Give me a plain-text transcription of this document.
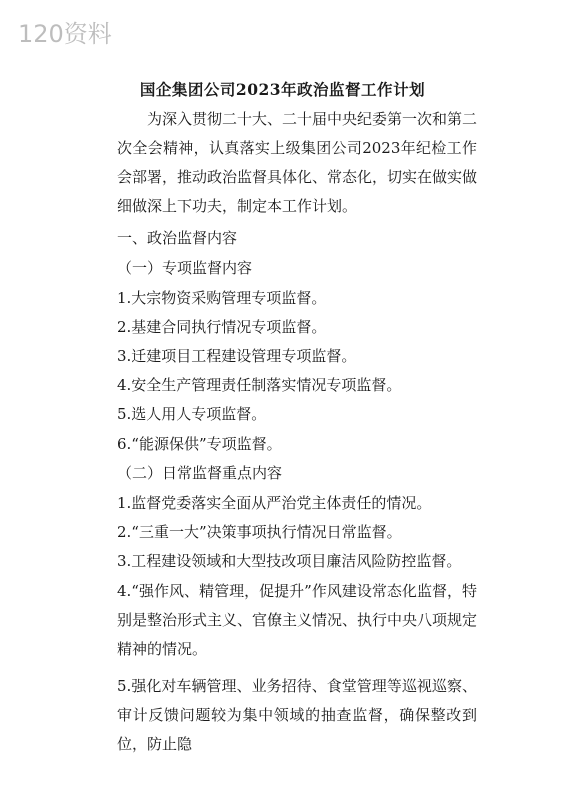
120资料
国企集团公司2023年政治监督工作计划
为深入贯彻二十大、二十届中央纪委第一次和第二次全会精神，认真落实上级集团公司2023年纪检工作会部署，推动政治监督具体化、常态化，切实在做实做细做深上下功夫，制定本工作计划。
一、政治监督内容
（一）专项监督内容
1.大宗物资采购管理专项监督。
2.基建合同执行情况专项监督。
3.迁建项目工程建设管理专项监督。
4.安全生产管理责任制落实情况专项监督。
5.选人用人专项监督。
6.“能源保供”专项监督。
（二）日常监督重点内容
1.监督党委落实全面从严治党主体责任的情况。
2.“三重一大”决策事项执行情况日常监督。
3.工程建设领域和大型技改项目廉洁风险防控监督。
4.“强作风、精管理，促提升”作风建设常态化监督，特别是整治形式主义、官僚主义情况、执行中央八项规定精神的情况。
5.强化对车辆管理、业务招待、食堂管理等巡视巡察、审计反馈问题较为集中领域的抽查监督，确保整改到位，防止隐
